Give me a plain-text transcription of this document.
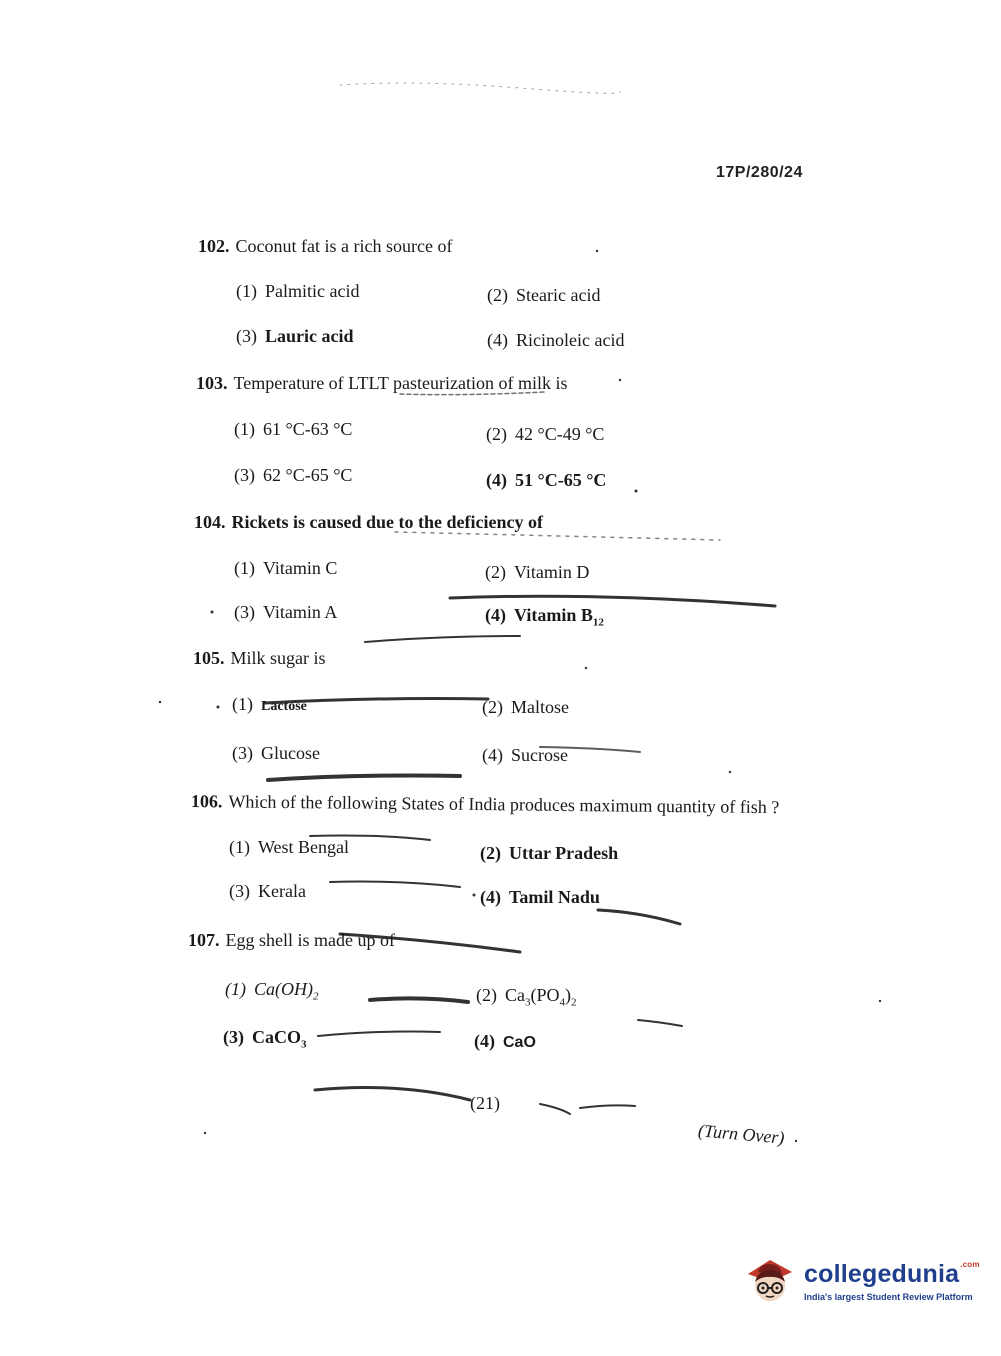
17P/280/24
102. Coconut fat is a rich source of
(1) Palmitic acid	(2) Stearic acid
(3) Lauric acid	(4) Ricinoleic acid
103. Temperature of LTLT pasteurization of milk is
(1) 61 °C-63 °C	(2) 42 °C-49 °C
(3) 62 °C-65 °C	(4) 51 °C-65 °C
104. Rickets is caused due to the deficiency of
(1) Vitamin C	(2) Vitamin D
(3) Vitamin A	(4) Vitamin $B_{12}$
105. Milk sugar is
(1) Lactose	(2) Maltose
(3) Glucose	(4) Sucrose
106. Which of the following States of India produces maximum quantity of fish ?
(1) West Bengal	(2) Uttar Pradesh
(3) Kerala	(4) Tamil Nadu
107. Egg shell is made up of
(1) $Ca(OH)_2$	(2) $Ca_3(PO_4)_2$
(3) CaCO$_3$	(4) CaO
(21)
(Turn Over)
collegedunia$^{.com}$
India's largest Student Review Platform
